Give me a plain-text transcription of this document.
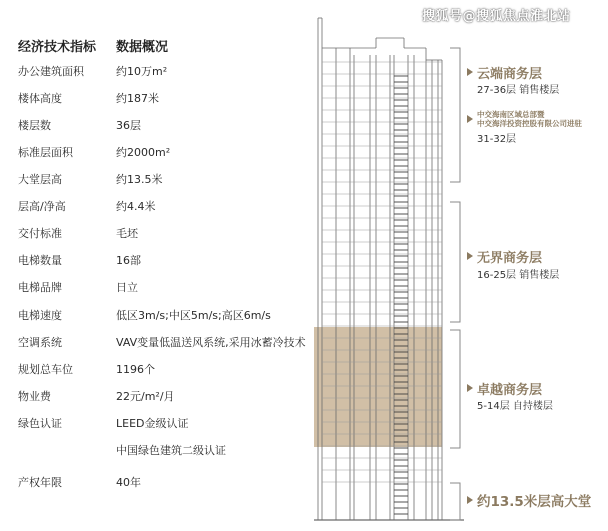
经济技术指标 数据概况
办公建筑面积	约10万m²
楼体高度	约187米
楼层数	36层
标准层面积	约2000m²
大堂层高	约13.5米
层高/净高	约4.4米
交付标准	毛坯
电梯数量	16部
电梯品牌	日立
电梯速度	低区3m/s;中区5m/s;高区6m/s
空调系统	VAV变量低温送风系统,采用冰蓄冷技术
规划总车位	1196个
物业费	22元/m²/月
绿色认证	LEED金级认证
中国绿色建筑二级认证
产权年限	40年
云端商务层
27-36层 销售楼层
中交海南区域总部暨
中交海洋投资控股有限公司进驻
31-32层
无界商务层
16-25层 销售楼层
卓越商务层
5-14层 自持楼层
约13.5米层高大堂
搜狐号@搜狐焦点淮北站
